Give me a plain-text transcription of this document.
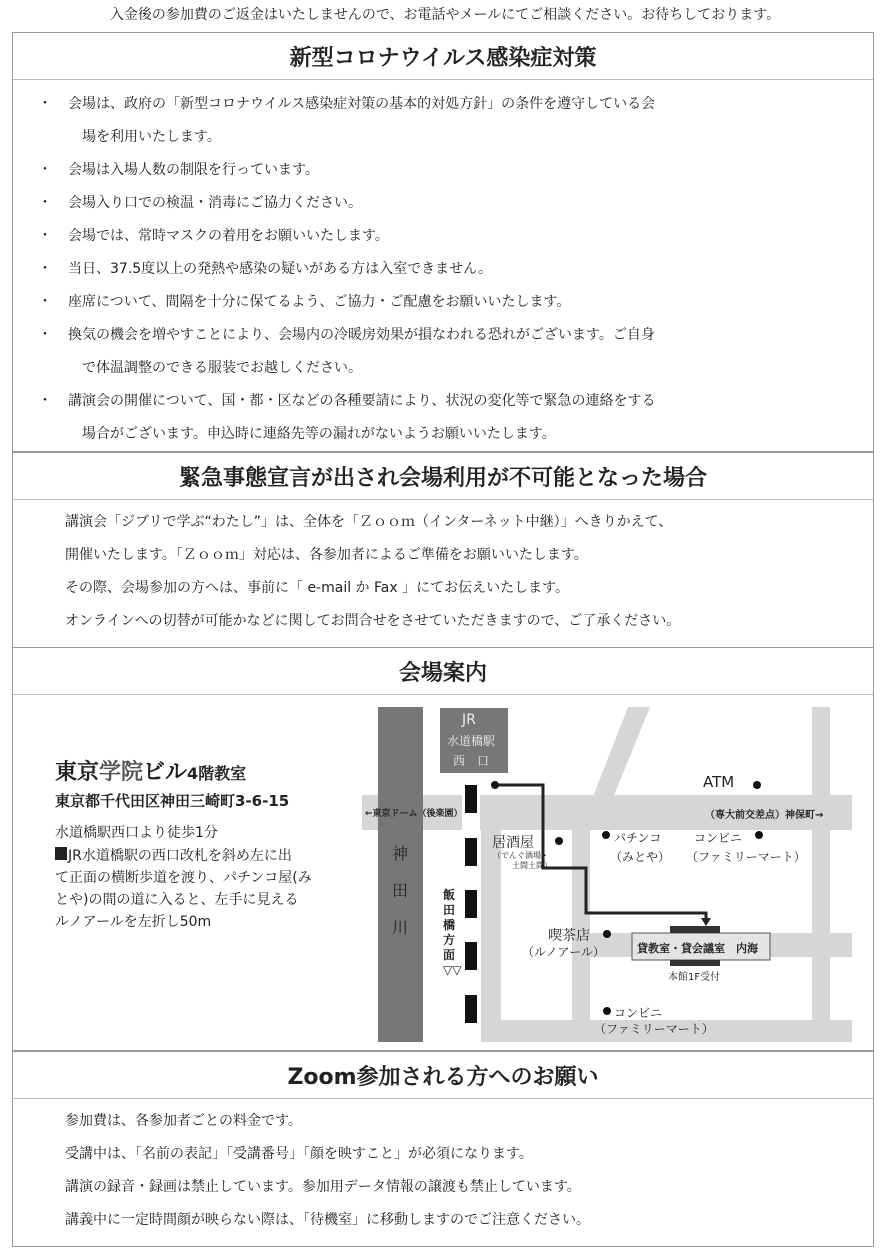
入金後の参加費のご返金はいたしませんので、お電話やメールにてご相談ください。お待ちしております。
新型コロナウイルス感染症対策
・ 会場は、政府の「新型コロナウイルス感染症対策の基本的対処方針」の条件を遵守している会
場を利用いたします。
・ 会場は入場人数の制限を行っています。
・ 会場入り口での検温・消毒にご協力ください。
・ 会場では、常時マスクの着用をお願いいたします。
・ 当日、37.5度以上の発熱や感染の疑いがある方は入室できません。
・ 座席について、間隔を十分に保てるよう、ご協力・ご配慮をお願いいたします。
・ 換気の機会を増やすことにより、会場内の冷暖房効果が損なわれる恐れがございます。ご自身
で体温調整のできる服装でお越しください。
・ 講演会の開催について、国・都・区などの各種要請により、状況の変化等で緊急の連絡をする
場合がございます。申込時に連絡先等の漏れがないようお願いいたします。
緊急事態宣言が出され会場利用が不可能となった場合
講演会「ジブリで学ぶ“わたし”」は、全体を「Ｚｏｏｍ（インターネット中継）」へきりかえて、
開催いたします。「Ｚｏｏｍ」対応は、各参加者によるご準備をお願いいたします。
その際、会場参加の方へは、事前に「 e-mail か Fax 」にてお伝えいたします。
オンラインへの切替が可能かなどに関してお問合せをさせていただきますので、ご了承ください。
会場案内
東京学院ビル4階教室
東京都千代田区神田三崎町3-6-15
水道橋駅西口より徒歩1分
JR水道橋駅の西口改札を斜め左に出
て正面の横断歩道を渡り、パチンコ屋(み
とや)の間の道に入ると、左手に見える
ルノアールを左折し50m
JR
水道橋駅
西　口
ATM
←東京ドーム（後楽園）	（専大前交差点）神保町→
神田川
飯田橋方面▽▽
居酒屋
（でんぐ酒場・
土間土間）
パチンコ
（みとや）
コンビニ
（ファミリーマート）
喫茶店
（ルノアール）	貸教室・貸会議室　内海
本館1F受付
コンビニ
（ファミリーマート）
Zoom参加される方へのお願い
参加費は、各参加者ごとの料金です。
受講中は、「名前の表記」「受講番号」「顔を映すこと」が必須になります。
講演の録音・録画は禁止しています。参加用データ情報の譲渡も禁止しています。
講義中に一定時間顔が映らない際は、「待機室」に移動しますのでご注意ください。
